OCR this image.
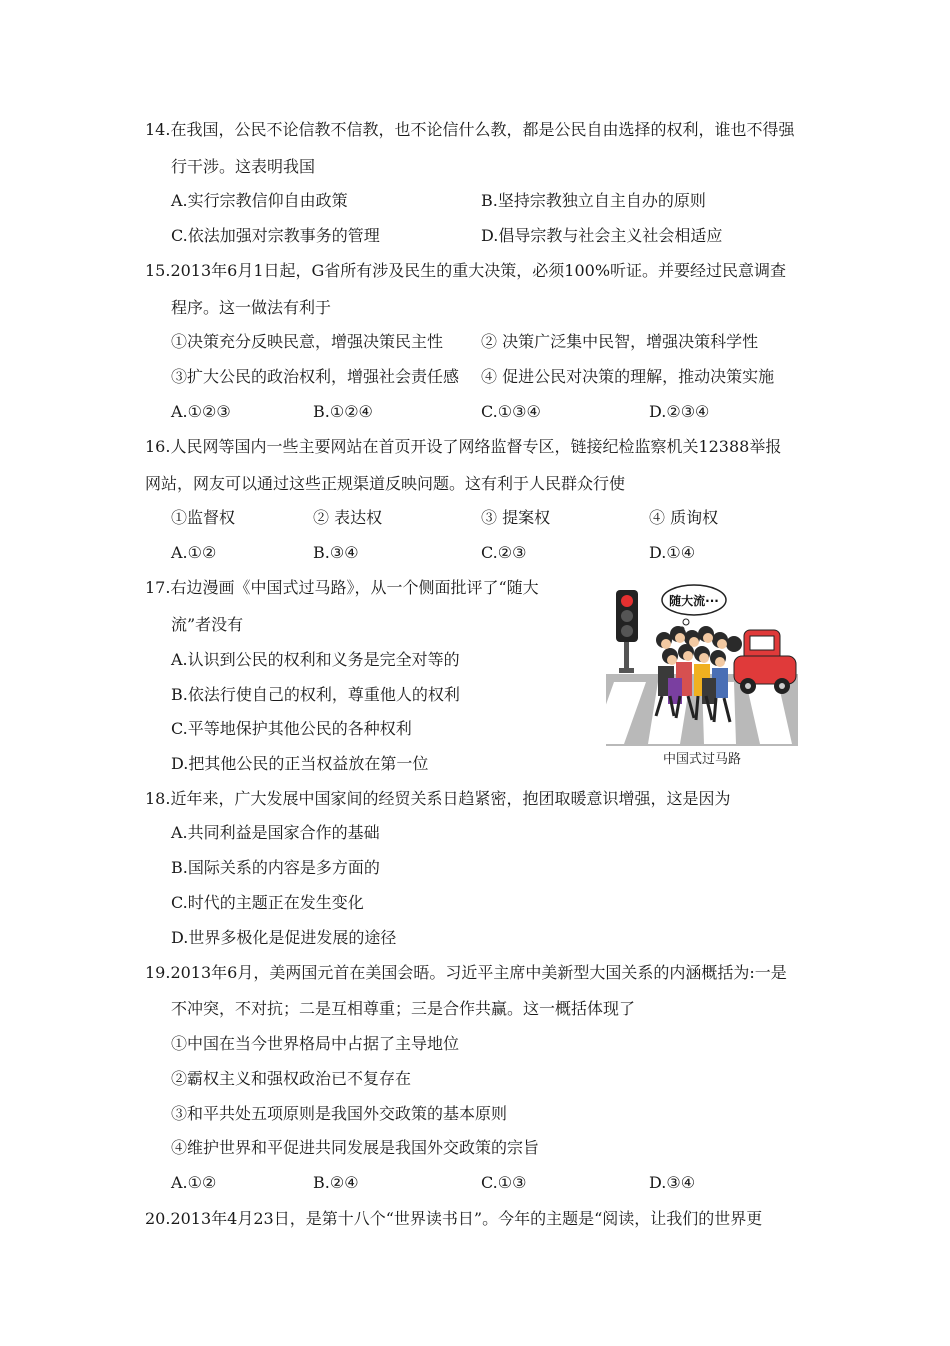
14.在我国，公民不论信教不信教，也不论信什么教，都是公民自由选择的权利，谁也不得强
行干涉。这表明我国
A.实行宗教信仰自由政策	B.坚持宗教独立自主自办的原则
C.依法加强对宗教事务的管理	D.倡导宗教与社会主义社会相适应
15.2013年6月1日起，G省所有涉及民生的重大决策，必须100%听证。并要经过民意调查
程序。这一做法有利于
①决策充分反映民意，增强决策民主性 ② 决策广泛集中民智，增强决策科学性
③扩大公民的政治权利，增强社会责任感 ④ 促进公民对决策的理解，推动决策实施
A.①②③	B.①②④	C.①③④	D.②③④
16.人民网等国内一些主要网站在首页开设了网络监督专区，链接纪检监察机关12388举报
网站，网友可以通过这些正规渠道反映问题。这有利于人民群众行使
①监督权	② 表达权	③ 提案权	④ 质询权
A.①②	B.③④	C.②③	D.①④
17.右边漫画《中国式过马路》，从一个侧面批评了“随大
流”者没有
A.认识到公民的权利和义务是完全对等的
B.依法行使自己的权利，尊重他人的权利
C.平等地保护其他公民的各种权利
D.把其他公民的正当权益放在第一位
随大流···
中国式过马路
18.近年来，广大发展中国家间的经贸关系日趋紧密，抱团取暖意识增强，这是因为
A.共同利益是国家合作的基础
B.国际关系的内容是多方面的
C.时代的主题正在发生变化
D.世界多极化是促进发展的途径
19.2013年6月，美两国元首在美国会晤。习近平主席中美新型大国关系的内涵概括为:一是
不冲突，不对抗；二是互相尊重；三是合作共赢。这一概括体现了
①中国在当今世界格局中占据了主导地位
②霸权主义和强权政治已不复存在
③和平共处五项原则是我国外交政策的基本原则
④维护世界和平促进共同发展是我国外交政策的宗旨
A.①②	B.②④	C.①③	D.③④
20.2013年4月23日，是第十八个“世界读书日”。今年的主题是“阅读，让我们的世界更
